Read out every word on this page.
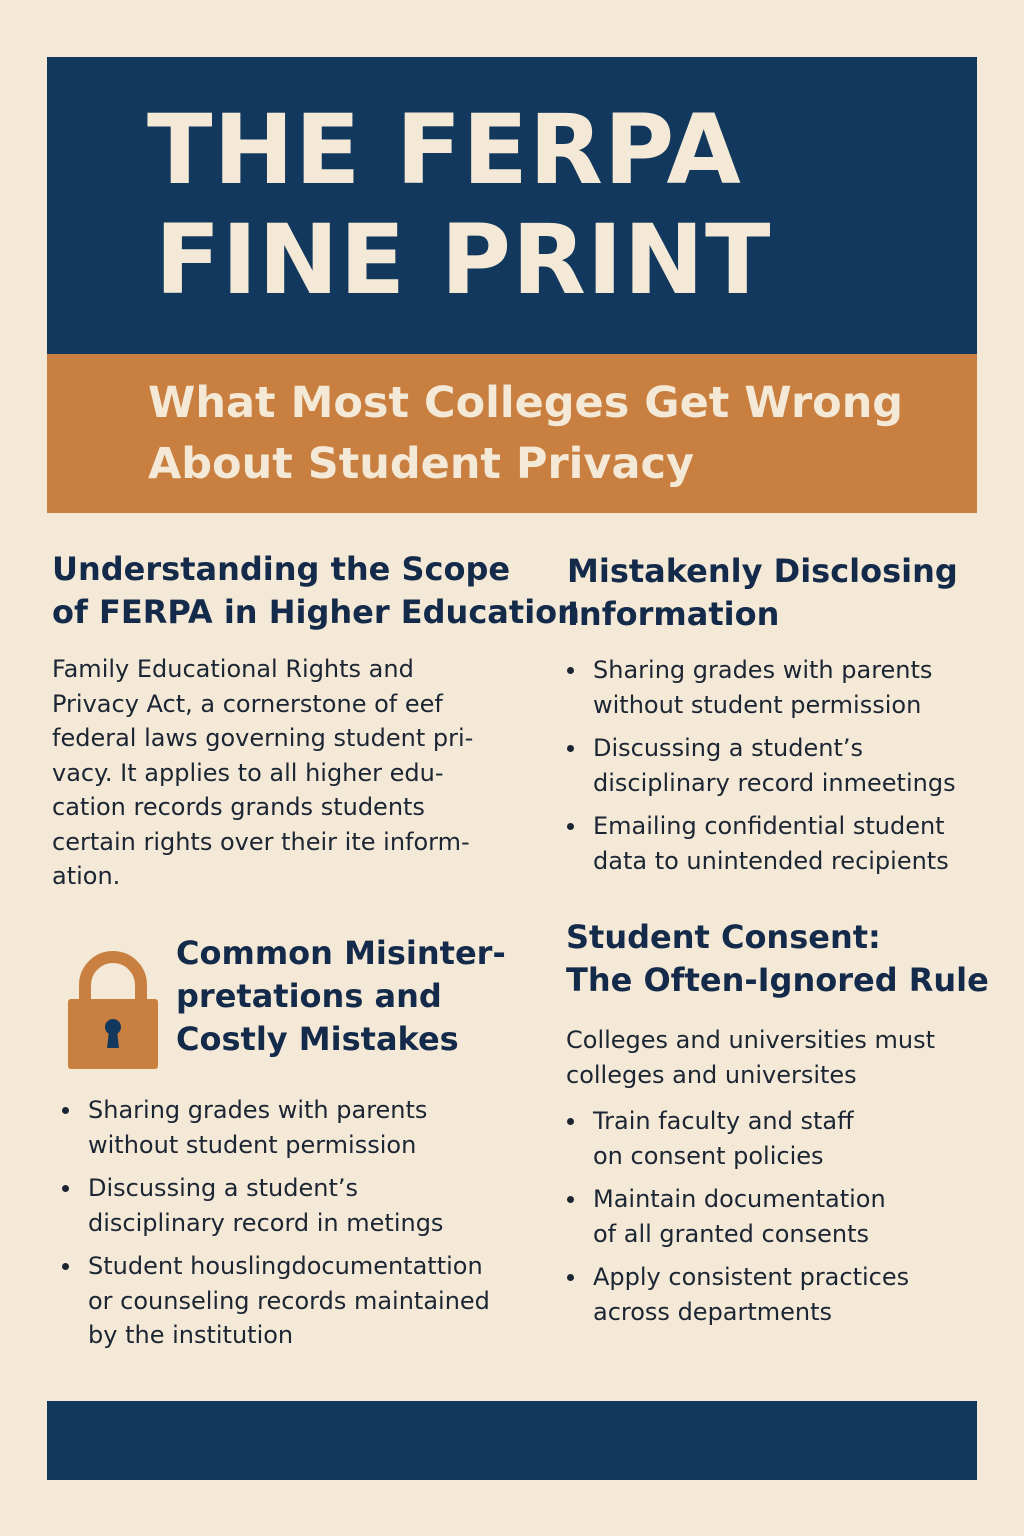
THE FERPA
FINE PRINT
What Most Colleges Get Wrong
About Student Privacy
Understanding the Scope
of FERPA in Higher Education

Family Educational Rights and
Privacy Act, a cornerstone of eef
federal laws governing student pri-
vacy. It applies to all higher edu-
cation records grands students
certain rights over their ite inform-
ation.

Common Misinter-
pretations and
Costly Mistakes
Sharing grades with parents
without student permission
Discussing a student’s
disciplinary record in metings
Student houslingdocumentattion
or counseling records maintained
by the institution
Mistakenly Disclosing
Information
Sharing grades with parents
without student permission
Discussing a student’s
disciplinary record inmeetings
Emailing confidential student
data to unintended recipients
Student Consent:
The Often-Ignored Rule

Colleges and universities must
colleges and universites

Train faculty and staff
on consent policies
Maintain documentation
of all granted consents
Apply consistent practices
across departments
